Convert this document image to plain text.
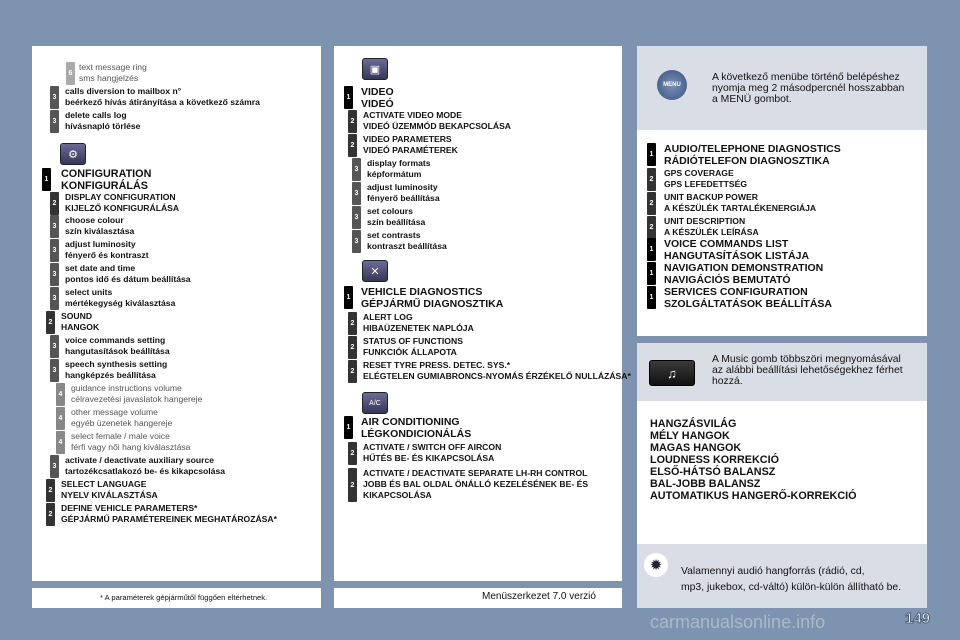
* A paraméterek gépjárműtől függően eltérhetnek.	Menüszerkezet 7.0 verzió
6
text message ring
sms hangjelzés
3
calls diversion to mailbox n°
beérkező hívás átirányítása a következő számra
3
delete calls log
hívásnapló törlése
2
DISPLAY CONFIGURATION
KIJELZŐ KONFIGURÁLÁSA
1
3
choose colour
szín kiválasztása
3
adjust luminosity
fényerő és kontraszt
3
set date and time
pontos idő és dátum beállítása
3
select units
mértékegység kiválasztása
2
SOUND
HANGOK
3
voice commands setting
hangutasítások beállítása
3
speech synthesis setting
hangképzés beállítása
4
guidance instructions volume
célravezetési javaslatok hangereje
4
other message volume
egyéb üzenetek hangereje
4
select female / male voice
férfi vagy női hang kiválasztása
3
activate / deactivate auxiliary source
tartozékcsatlakozó be- és kikapcsolása
2
SELECT LANGUAGE
NYELV KIVÁLASZTÁSA
2
DEFINE VEHICLE PARAMETERS*
GÉPJÁRMŰ PARAMÉTEREINEK MEGHATÁROZÁSA*
⚙
CONFIGURATION
KONFIGURÁLÁS
1 VIDEO
VIDEÓ
2
ACTIVATE VIDEO MODE
VIDEÓ ÜZEMMÓD BEKAPCSOLÁSA
2
VIDEO PARAMETERS
VIDEÓ PARAMÉTEREK
3
display formats
képformátum
3
adjust luminosity
fényerő beállítása
3
set colours
szín beállítása
3
set contrasts
kontraszt beállítása
1 VEHICLE DIAGNOSTICS
GÉPJÁRMŰ DIAGNOSZTIKA
2
ALERT LOG
HIBAÜZENETEK NAPLÓJA
2
STATUS OF FUNCTIONS
FUNKCIÓK ÁLLAPOTA
2
RESET TYRE PRESS. DETEC. SYS.*
ELÉGTELEN GUMIABRONCS-NYOMÁS ÉRZÉKELŐ NULLÁZÁSA*
1 AIR CONDITIONING
LÉGKONDICIONÁLÁS
2
ACTIVATE / SWITCH OFF AIRCON
HŰTÉS BE- ÉS KIKAPCSOLÁSA
2
ACTIVATE / DEACTIVATE SEPARATE LH-RH CONTROL
JOBB ÉS BAL OLDAL ÖNÁLLÓ KEZELÉSÉNEK BE- ÉS
KIKAPCSOLÁSA
▣
✕
A/C
MENU
A következő menübe történő belépéshez
nyomja meg 2 másodpercnél hosszabban
a MENÜ gombot.
1 AUDIO/TELEPHONE DIAGNOSTICS
RÁDIÓTELEFON DIAGNOSZTIKA
2
GPS COVERAGE
GPS LEFEDETTSÉG
2
UNIT BACKUP POWER
A KÉSZÜLÉK TARTALÉKENERGIÁJA
2
UNIT DESCRIPTION
A KÉSZÜLÉK LEÍRÁSA
1 VOICE COMMANDS LIST
HANGUTASÍTÁSOK LISTÁJA
1 NAVIGATION DEMONSTRATION
NAVIGÁCIÓS BEMUTATÓ
1 SERVICES CONFIGURATION
SZOLGÁLTATÁSOK BEÁLLÍTÁSA
♫
A Music gomb többszöri megnyomásával
az alábbi beállítási lehetőségekhez férhet
hozzá.
HANGZÁSVILÁG
MÉLY HANGOK
MAGAS HANGOK
LOUDNESS KORREKCIÓ
ELSŐ-HÁTSÓ BALANSZ
BAL-JOBB BALANSZ
AUTOMATIKUS HANGERŐ-KORREKCIÓ
✹	Valamennyi audió hangforrás (rádió, cd,
mp3, jukebox, cd-váltó) külön-külön állítható be.
carmanualsonline.info	149
